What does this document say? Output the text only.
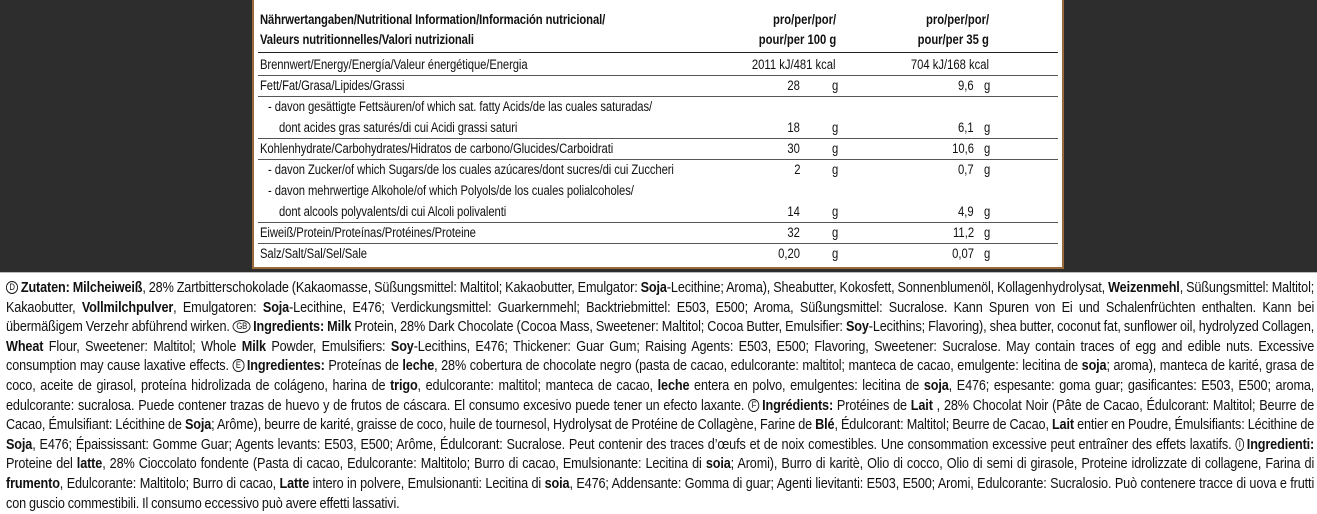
Nährwertangaben/Nutritional Information/Información nutricional/
Valeurs nutritionnelles/Valori nutrizionali
pro/per/por/
pour/per 100 g
pro/per/por/
pour/per 35 g
Brennwert/Energy/Energía/Valeur énergétique/Energia	2011 kJ/481 kcal	704 kJ/168 kcal
Fett/Fat/Grasa/Lipides/Grassi	28 g	9,6 g
- davon gesättigte Fettsäuren/of which sat. fatty Acids/de las cuales saturadas/
dont acides gras saturés/di cui Acidi grassi saturi	18 g	6,1 g
Kohlenhydrate/Carbohydrates/Hidratos de carbono/Glucides/Carboidrati	30 g	10,6 g
- davon Zucker/of which Sugars/de los cuales azúcares/dont sucres/di cui Zuccheri	2 g	0,7 g
- davon mehrwertige Alkohole/of which Polyols/de los cuales polialcoholes/
dont alcools polyvalents/di cui Alcoli polivalenti	14 g	4,9 g
Eiweiß/Protein/Proteínas/Protéines/Proteine	32 g	11,2 g
Salz/Salt/Sal/Sel/Sale	0,20 g	0,07 g
D Zutaten: Milcheiweiß, 28% Zartbitterschokolade (Kakaomasse, Süßungsmittel: Maltitol; Kakaobutter, Emulgator: Soja-Lecithine; Aroma), Sheabutter, Kokosfett, Sonnenblumenöl, Kollagenhydrolysat, Weizenmehl, Süßungsmittel: Maltitol; Kakaobutter, Vollmilchpulver, Emulgatoren: Soja-Lecithine, E476; Verdickungsmittel: Guarkernmehl; Backtriebmittel: E503, E500; Aroma, Süßungsmittel: Sucralose. Kann Spuren von Ei und Schalenfrüchten enthalten. Kann bei übermäßigem Verzehr abführend wirken. GB Ingredients: Milk Protein, 28% Dark Chocolate (Cocoa Mass, Sweetener: Maltitol; Cocoa Butter, Emulsifier: Soy-Lecithins; Flavoring), shea butter, coconut fat, sunflower oil, hydrolyzed Collagen, Wheat Flour, Sweetener: Maltitol; Whole Milk Powder, Emulsifiers: Soy-Lecithins, E476; Thickener: Guar Gum; Raising Agents: E503, E500; Flavoring, Sweetener: Sucralose. May contain traces of egg and edible nuts. Excessive consumption may cause laxative effects. E Ingredientes: Proteínas de leche, 28% cobertura de chocolate negro (pasta de cacao, edulcorante: maltitol; manteca de cacao, emulgente: lecitina de soja; aroma), manteca de karité, grasa de coco, aceite de girasol, proteína hidrolizada de colágeno, harina de trigo, edulcorante: maltitol; manteca de cacao, leche entera en polvo, emulgentes: lecitina de soja, E476; espesante: goma guar; gasificantes: E503, E500; aroma, edulcorante: sucralosa. Puede contener trazas de huevo y de frutos de cáscara. El consumo excesivo puede tener un efecto laxante. F Ingrédients: Protéines de Lait , 28% Chocolat Noir (Pâte de Cacao, Édulcorant: Maltitol; Beurre de Cacao, Émulsifiant: Lécithine de Soja; Arôme), beurre de karité, graisse de coco, huile de tournesol, Hydrolysat de Protéine de Collagène, Farine de Blé, Édulcorant: Maltitol; Beurre de Cacao, Lait entier en Poudre, Émulsifiants: Lécithine de Soja, E476; Épaississant: Gomme Guar; Agents levants: E503, E500; Arôme, Édulcorant: Sucralose. Peut contenir des traces d’œufs et de noix comestibles. Une consommation excessive peut entraîner des effets laxatifs. I Ingredienti: Proteine del latte, 28% Cioccolato fondente (Pasta di cacao, Edulcorante: Maltitolo; Burro di cacao, Emulsionante: Lecitina di soia; Aromi), Burro di karitè, Olio di cocco, Olio di semi di girasole, Proteine idrolizzate di collagene, Farina di frumento, Edulcorante: Maltitolo; Burro di cacao, Latte intero in polvere, Emulsionanti: Lecitina di soia, E476; Addensante: Gomma di guar; Agenti lievitanti: E503, E500; Aromi, Edulcorante: Sucralosio. Può contenere tracce di uova e frutti con guscio commestibili. Il consumo eccessivo può avere effetti lassativi.
